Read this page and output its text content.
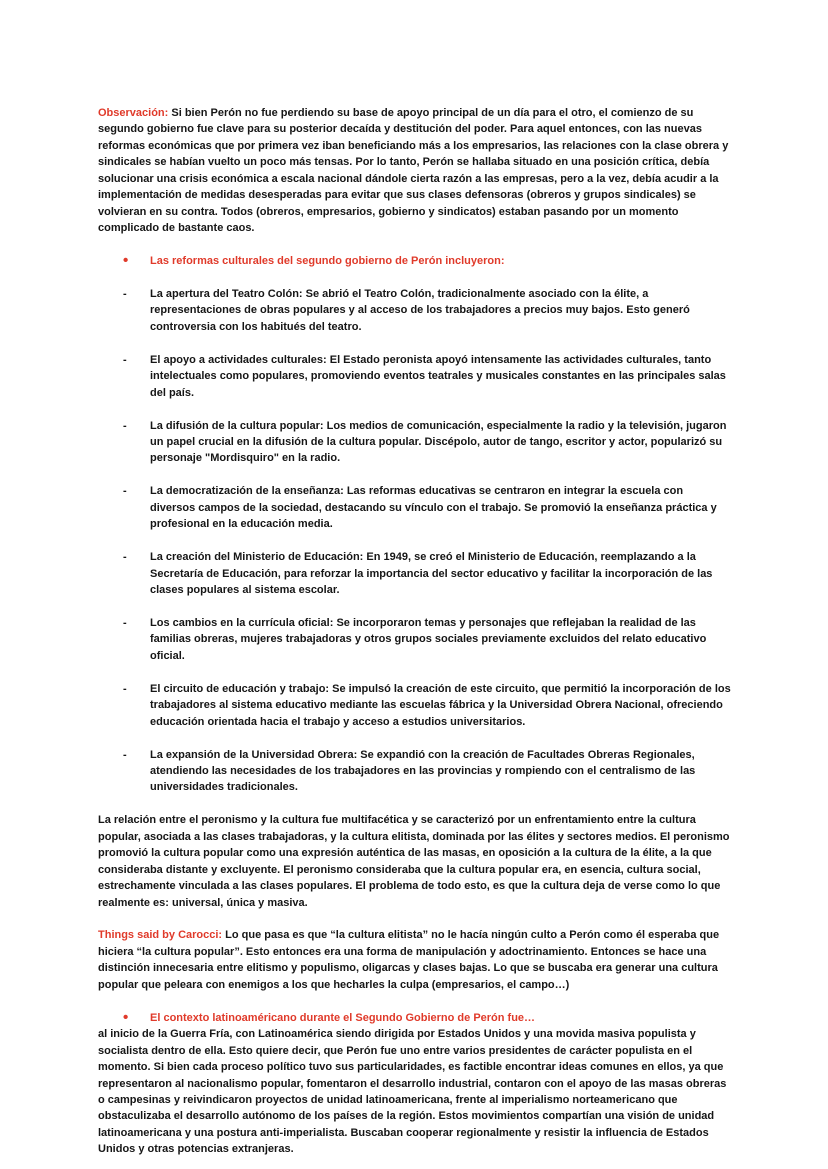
Observación: Si bien Perón no fue perdiendo su base de apoyo principal de un día para el otro, el comienzo de su segundo gobierno fue clave para su posterior decaída y destitución del poder. Para aquel entonces, con las nuevas reformas económicas que por primera vez iban beneficiando más a los empresarios, las relaciones con la clase obrera y sindicales se habían vuelto un poco más tensas. Por lo tanto, Perón se hallaba situado en una posición crítica, debía solucionar una crisis económica a escala nacional dándole cierta razón a las empresas, pero a la vez, debía acudir a la implementación de medidas desesperadas para evitar que sus clases defensoras (obreros y grupos sindicales) se volvieran en su contra. Todos (obreros, empresarios, gobierno y sindicatos) estaban pasando por un momento complicado de bastante caos.

•	Las reformas culturales del segundo gobierno de Perón incluyeron:
-	La apertura del Teatro Colón: Se abrió el Teatro Colón, tradicionalmente asociado con la élite, a representaciones de obras populares y al acceso de los trabajadores a precios muy bajos. Esto generó controversia con los habitués del teatro.
-	El apoyo a actividades culturales: El Estado peronista apoyó intensamente las actividades culturales, tanto intelectuales como populares, promoviendo eventos teatrales y musicales constantes en las principales salas del país.
-	La difusión de la cultura popular: Los medios de comunicación, especialmente la radio y la televisión, jugaron un papel crucial en la difusión de la cultura popular. Discépolo, autor de tango, escritor y actor, popularizó su personaje "Mordisquiro" en la radio.
-	La democratización de la enseñanza: Las reformas educativas se centraron en integrar la escuela con diversos campos de la sociedad, destacando su vínculo con el trabajo. Se promovió la enseñanza práctica y profesional en la educación media.
-	La creación del Ministerio de Educación: En 1949, se creó el Ministerio de Educación, reemplazando a la Secretaría de Educación, para reforzar la importancia del sector educativo y facilitar la incorporación de las clases populares al sistema escolar.
-	Los cambios en la currícula oficial: Se incorporaron temas y personajes que reflejaban la realidad de las familias obreras, mujeres trabajadoras y otros grupos sociales previamente excluidos del relato educativo oficial.
-	El circuito de educación y trabajo: Se impulsó la creación de este circuito, que permitió la incorporación de los trabajadores al sistema educativo mediante las escuelas fábrica y la Universidad Obrera Nacional, ofreciendo educación orientada hacia el trabajo y acceso a estudios universitarios.
-	La expansión de la Universidad Obrera: Se expandió con la creación de Facultades Obreras Regionales, atendiendo las necesidades de los trabajadores en las provincias y rompiendo con el centralismo de las universidades tradicionales.

La relación entre el peronismo y la cultura fue multifacética y se caracterizó por un enfrentamiento entre la cultura popular, asociada a las clases trabajadoras, y la cultura elitista, dominada por las élites y sectores medios. El peronismo promovió la cultura popular como una expresión auténtica de las masas, en oposición a la cultura de la élite, a la que consideraba distante y excluyente. El peronismo consideraba que la cultura popular era, en esencia, cultura social, estrechamente vinculada a las clases populares. El problema de todo esto, es que la cultura deja de verse como lo que realmente es: universal, única y masiva.

Things said by Carocci: Lo que pasa es que “la cultura elitista” no le hacía ningún culto a Perón como él esperaba que hiciera “la cultura popular”. Esto entonces era una forma de manipulación y adoctrinamiento. Entonces se hace una distinción innecesaria entre elitismo y populismo, oligarcas y clases bajas. Lo que se buscaba era generar una cultura popular que peleara con enemigos a los que hecharles la culpa (empresarios, el campo…)

•	El contexto latinoaméricano durante el Segundo Gobierno de Perón fue…

al inicio de la Guerra Fría, con Latinoamérica siendo dirigida por Estados Unidos y una movida masiva populista y socialista dentro de ella. Esto quiere decir, que Perón fue uno entre varios presidentes de carácter populista en el momento. Si bien cada proceso político tuvo sus particularidades, es factible encontrar ideas comunes en ellos, ya que representaron al nacionalismo popular, fomentaron el desarrollo industrial, contaron con el apoyo de las masas obreras o campesinas y reivindicaron proyectos de unidad latinoamericana, frente al imperialismo norteamericano que obstaculizaba el desarrollo autónomo de los países de la región. Estos movimientos compartían una visión de unidad latinoamericana y una postura anti-imperialista. Buscaban cooperar regionalmente y resistir la influencia de Estados Unidos y otras potencias extranjeras.
